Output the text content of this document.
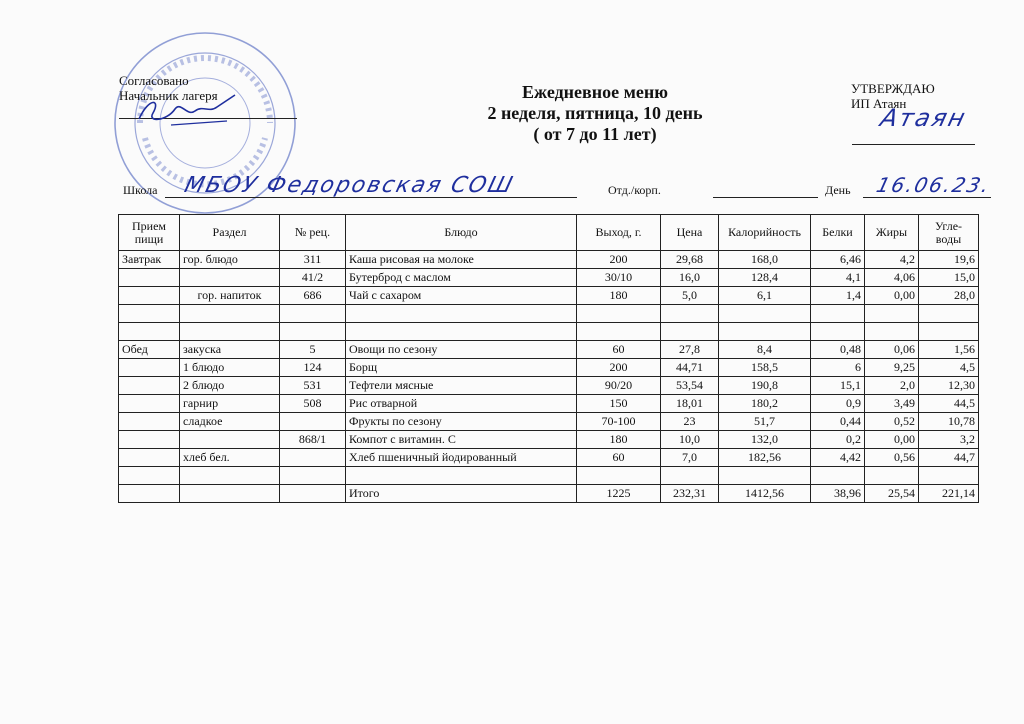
Согласовано
Начальник лагеря	Ежедневное меню
2 неделя, пятница, 10 день
( от 7 до 11 лет)
УТВЕРЖДАЮ
ИП Атаян
Атаян
Школа МБОУ Федоровская СОШ	Отд./корп.	День 16.06.23.
Прием
пищи	Раздел	№ рец.	Блюдо	Выход, г.	Цена	Калорийность	Белки	Жиры	Угле-
воды
Завтрак	гор. блюдо	311	Каша рисовая на молоке	200	29,68	168,0	6,46	4,2	19,6
		41/2	Бутерброд с маслом	30/10	16,0	128,4	4,1	4,06	15,0
	гор. напиток	686	Чай с сахаром	180	5,0	6,1	1,4	0,00	28,0

Обед	закуска	5	Овощи по сезону	60	27,8	8,4	0,48	0,06	1,56
	1 блюдо	124	Борщ	200	44,71	158,5	6	9,25	4,5
	2 блюдо	531	Тефтели мясные	90/20	53,54	190,8	15,1	2,0	12,30
	гарнир	508	Рис отварной	150	18,01	180,2	0,9	3,49	44,5
	сладкое		Фрукты по сезону	70-100	23	51,7	0,44	0,52	10,78
		868/1	Компот с витамин. С	180	10,0	132,0	0,2	0,00	3,2
	хлеб бел.		Хлеб пшеничный йодированный	60	7,0	182,56	4,42	0,56	44,7

			Итого	1225	232,31	1412,56	38,96	25,54	221,14
